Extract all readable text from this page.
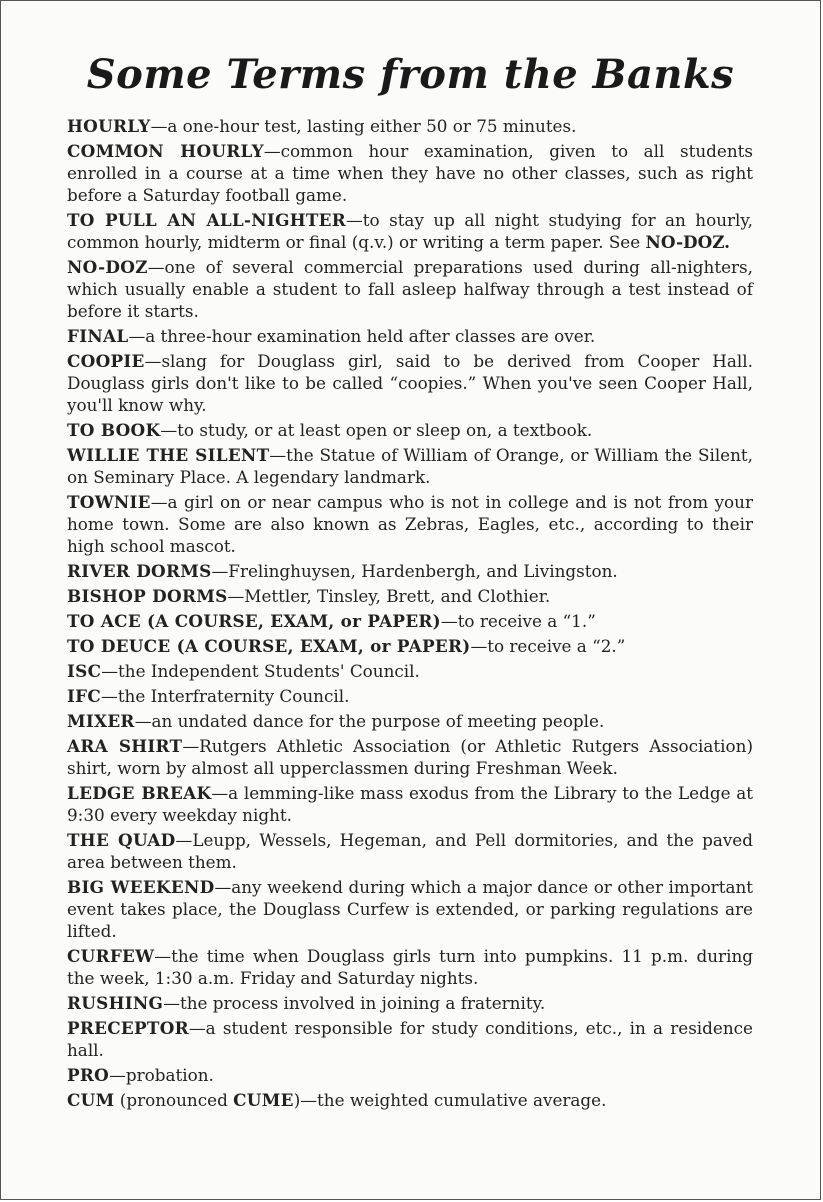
Some Terms from the Banks

HOURLY—a one-hour test, lasting either 50 or 75 minutes.

COMMON HOURLY—common hour examination, given to all students enrolled in a course at a time when they have no other classes, such as right before a Saturday football game.

TO PULL AN ALL-NIGHTER—to stay up all night studying for an hourly, common hourly, midterm or final (q.v.) or writing a term paper. See NO-DOZ.

NO-DOZ—one of several commercial preparations used during all-nighters, which usually enable a student to fall asleep halfway through a test instead of before it starts.

FINAL—a three-hour examination held after classes are over.

COOPIE—slang for Douglass girl, said to be derived from Cooper Hall. Douglass girls don't like to be called “coopies.” When you've seen Cooper Hall, you'll know why.

TO BOOK—to study, or at least open or sleep on, a textbook.

WILLIE THE SILENT—the Statue of William of Orange, or William the Silent, on Seminary Place. A legendary landmark.

TOWNIE—a girl on or near campus who is not in college and is not from your home town. Some are also known as Zebras, Eagles, etc., according to their high school mascot.

RIVER DORMS—Frelinghuysen, Hardenbergh, and Livingston.

BISHOP DORMS—Mettler, Tinsley, Brett, and Clothier.

TO ACE (A COURSE, EXAM, or PAPER)—to receive a “1.”

TO DEUCE (A COURSE, EXAM, or PAPER)—to receive a “2.”

ISC—the Independent Students' Council.

IFC—the Interfraternity Council.

MIXER—an undated dance for the purpose of meeting people.

ARA SHIRT—Rutgers Athletic Association (or Athletic Rutgers Association) shirt, worn by almost all upperclassmen during Freshman Week.

LEDGE BREAK—a lemming-like mass exodus from the Library to the Ledge at 9:30 every weekday night.

THE QUAD—Leupp, Wessels, Hegeman, and Pell dormitories, and the paved area between them.

BIG WEEKEND—any weekend during which a major dance or other important event takes place, the Douglass Curfew is extended, or parking regulations are lifted.

CURFEW—the time when Douglass girls turn into pumpkins. 11 p.m. during the week, 1:30 a.m. Friday and Saturday nights.

RUSHING—the process involved in joining a fraternity.

PRECEPTOR—a student responsible for study conditions, etc., in a residence hall.

PRO—probation.

CUM (pronounced CUME)—the weighted cumulative average.
